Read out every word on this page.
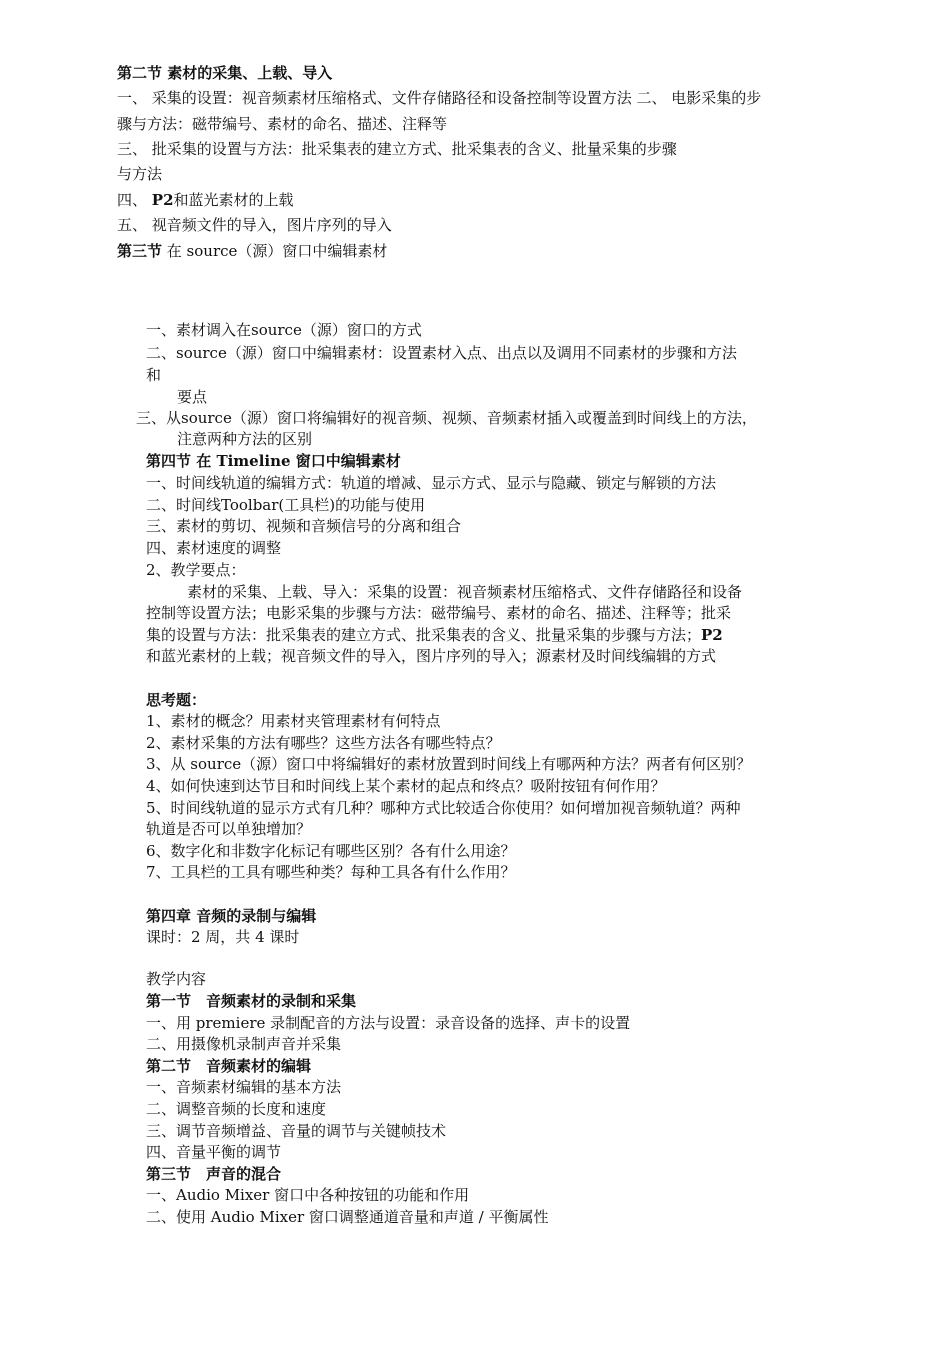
第二节 素材的采集、上载、导入
一、 采集的设置：视音频素材压缩格式、文件存储路径和设备控制等设置方法 二、 电影采集的步
骤与方法：磁带编号、素材的命名、描述、注释等
三、 批采集的设置与方法：批采集表的建立方式、批采集表的含义、批量采集的步骤
与方法
四、 P2和蓝光素材的上载
五、 视音频文件的导入，图片序列的导入
第三节 在 source（源）窗口中编辑素材
一、素材调入在source（源）窗口的方式
二、source（源）窗口中编辑素材：设置素材入点、出点以及调用不同素材的步骤和方法
和
要点
三、从source（源）窗口将编辑好的视音频、视频、音频素材插入或覆盖到时间线上的方法，
注意两种方法的区别
第四节 在 Timeline 窗口中编辑素材
一、时间线轨道的编辑方式：轨道的增减、显示方式、显示与隐藏、锁定与解锁的方法
二、时间线Toolbar(工具栏)的功能与使用
三、素材的剪切、视频和音频信号的分离和组合
四、素材速度的调整
2、教学要点：
素材的采集、上载、导入：采集的设置：视音频素材压缩格式、文件存储路径和设备
控制等设置方法；电影采集的步骤与方法：磁带编号、素材的命名、描述、注释等；批采
集的设置与方法：批采集表的建立方式、批采集表的含义、批量采集的步骤与方法；P2
和蓝光素材的上载；视音频文件的导入，图片序列的导入；源素材及时间线编辑的方式
思考题：
1、素材的概念？用素材夹管理素材有何特点
2、素材采集的方法有哪些？这些方法各有哪些特点？
3、从 source（源）窗口中将编辑好的素材放置到时间线上有哪两种方法？两者有何区别？
4、如何快速到达节目和时间线上某个素材的起点和终点？吸附按钮有何作用？
5、时间线轨道的显示方式有几种？哪种方式比较适合你使用？如何增加视音频轨道？两种
轨道是否可以单独增加？
6、数字化和非数字化标记有哪些区别？各有什么用途？
7、工具栏的工具有哪些种类？每种工具各有什么作用？
第四章 音频的录制与编辑
课时：2 周，共 4 课时
教学内容
第一节　音频素材的录制和采集
一、用 premiere 录制配音的方法与设置：录音设备的选择、声卡的设置
二、用摄像机录制声音并采集
第二节　音频素材的编辑
一、音频素材编辑的基本方法
二、调整音频的长度和速度
三、调节音频增益、音量的调节与关键帧技术
四、音量平衡的调节
第三节　声音的混合
一、Audio Mixer 窗口中各种按钮的功能和作用
二、使用 Audio Mixer 窗口调整通道音量和声道 / 平衡属性
